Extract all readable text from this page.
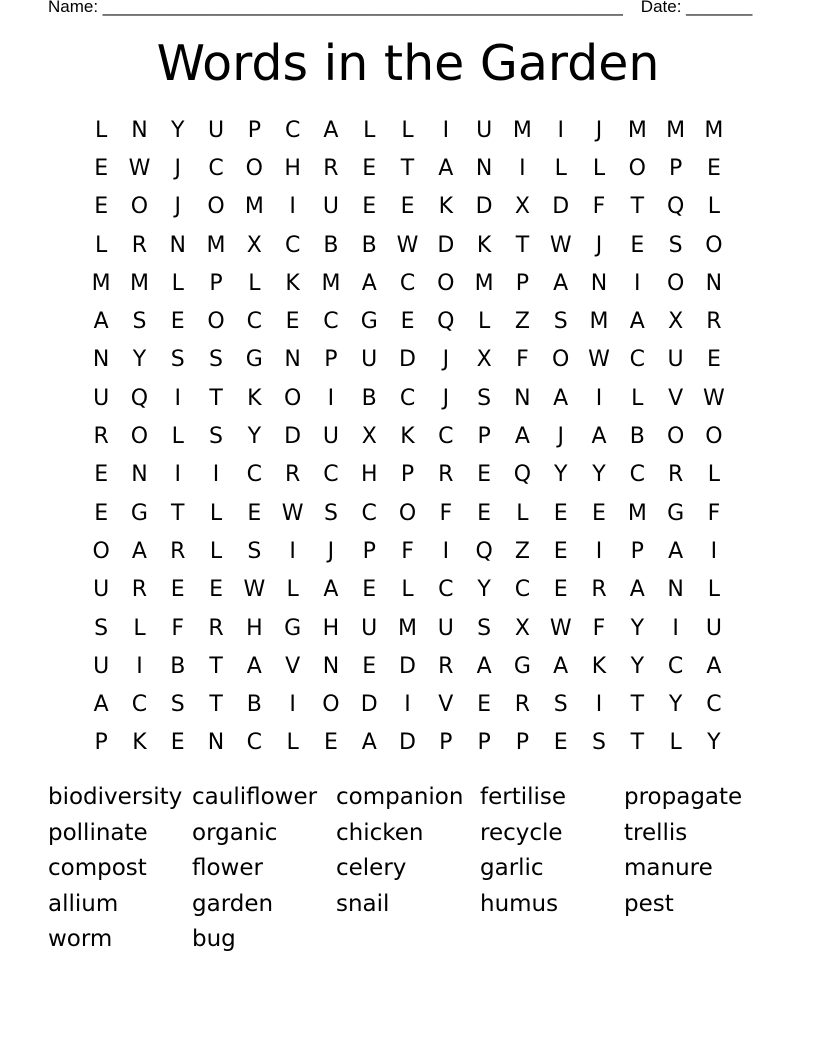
Name: _______________________________________________________ Date: _______
Words in the Garden
L	N	Y	U	P	C	A	L	L	I	U M	I	J	M M M
E W	J	C O H	R	E	T	A	N	I	L	L	O	P	E
E	O	J	O M	I	U	E	E	K	D	X	D	F	T	Q	L
L	R	N M X	C	B	B W D	K	T W	J	E	S	O
M M	L	P	L	K M A	C O M	P	A	N	I	O N
A	S	E	O C	E	C	G	E	Q	L	Z	S M A	X	R
N	Y	S	S	G N	P	U D	J	X	F	O W C	U	E
U Q	I	T	K	O	I	B	C	J	S	N	A	I	L	V W
R O	L	S	Y	D U	X	K	C	P	A	J	A	B	O O
E	N	I	I	C	R	C	H	P	R	E	Q	Y	Y	C	R	L
E	G	T	L	E W S	C O	F	E	L	E	E M G	F
O	A	R	L	S	I	J	P	F	I	Q	Z	E	I	P	A	I
U	R	E	E W L	A	E	L	C	Y	C	E	R	A	N	L
S	L	F	R	H G H U M U	S	X W F	Y	I	U
U	I	B	T	A	V	N	E	D	R	A	G	A	K	Y	C	A
A	C	S	T	B	I	O D	I	V	E	R	S	I	T	Y	C
P	K	E	N	C	L	E	A	D	P	P	P	E	S	T	L	Y
biodiversity cauliflower companion fertilise	propagate
pollinate	organic	chicken	recycle	trellis
compost	flower	celery	garlic	manure
allium	garden	snail	humus	pest
worm	bug
